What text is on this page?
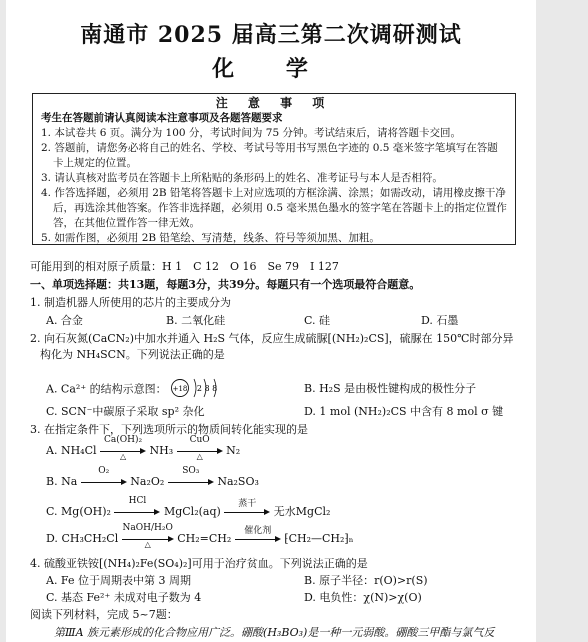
南通市 2025 届高三第二次调研测试
化 学
注 意 事 项
考生在答题前请认真阅读本注意事项及各题答题要求
1. 本试卷共 6 页。满分为 100 分，考试时间为 75 分钟。考试结束后，请将答题卡交回。
2. 答题前，请您务必将自己的姓名、学校、考试号等用书写黑色字迹的 0.5 毫米签字笔填写在答题卡上规定的位置。
3. 请认真核对监考员在答题卡上所粘贴的条形码上的姓名、准考证号与本人是否相符。
4. 作答选择题，必须用 2B 铅笔将答题卡上对应选项的方框涂满、涂黑；如需改动，请用橡皮擦干净后，再选涂其他答案。作答非选择题，必须用 0.5 毫米黑色墨水的签字笔在答题卡上的指定位置作答，在其他位置作答一律无效。
5. 如需作图，必须用 2B 铅笔绘、写清楚，线条、符号等须加黑、加粗。
可能用到的相对原子质量：H 1　C 12　O 16　Se 79　I 127
一、单项选择题：共13题，每题3分，共39分。每题只有一个选项最符合题意。
1. 制造机器人所使用的芯片的主要成分为
A. 合金	B. 二氧化硅	C. 硅	D. 石墨
2. 向石灰氮(CaCN₂)中加水并通入 H₂S 气体，反应生成硫脲[(NH₂)₂CS]，硫脲在 150℃时部分异
构化为 NH₄SCN。下列说法正确的是
A. Ca²⁺ 的结构示意图： +18 2 8 8	B. H₂S 是由极性键构成的极性分子
C. SCN⁻中碳原子采取 sp² 杂化	D. 1 mol (NH₂)₂CS 中含有 8 mol σ 键
3. 在指定条件下，下列选项所示的物质间转化能实现的是
A. NH₄Cl
Ca(OH)₂
△	NH₃
CuO
△	N₂
B. Na
O₂
Na₂O₂
SO₃
Na₂SO₃
C. Mg(OH)₂
HCl
MgCl₂(aq)
蒸干
无水MgCl₂
D. CH₃CH₂Cl
NaOH/H₂O
△	CH₂=CH₂
催化剂
⁅CH₂—CH₂⁆ₙ
4. 硫酸亚铁铵[(NH₄)₂Fe(SO₄)₂]可用于治疗贫血。下列说法正确的是
A. Fe 位于周期表中第 3 周期	B. 原子半径：r(O)>r(S)
C. 基态 Fe²⁺ 未成对电子数为 4	D. 电负性：χ(N)>χ(O)
阅读下列材料，完成 5~7题：
第ⅢA 族元素形成的化合物应用广泛。硼酸(H₃BO₃)是一种一元弱酸。硼酸三甲酯与氯气反
